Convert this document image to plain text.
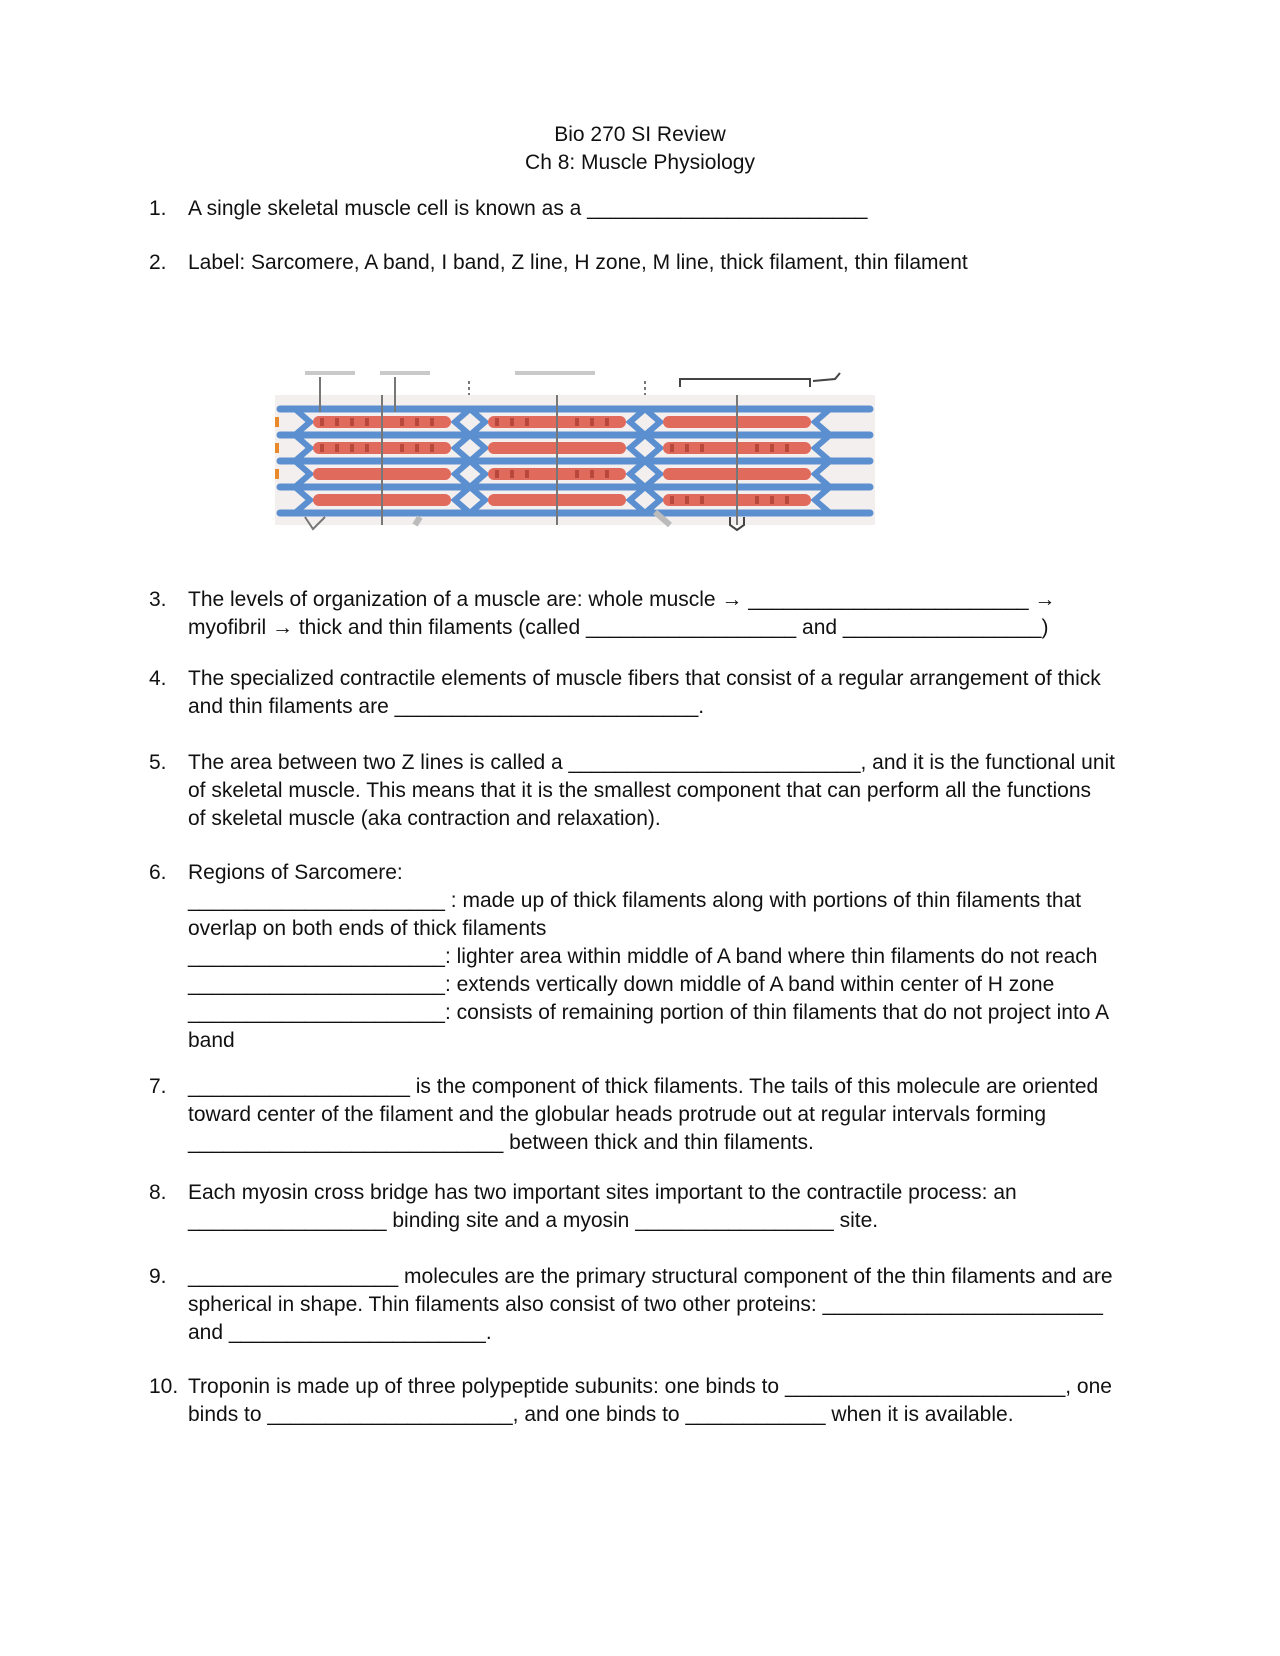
Bio 270 SI Review
Ch 8: Muscle Physiology
1.	A single skeletal muscle cell is known as a ________________________
2.	Label: Sarcomere, A band, I band, Z line, H zone, M line, thick filament, thin filament
3.	The levels of organization of a muscle are: whole muscle → ________________________ →
myofibril → thick and thin filaments (called __________________ and _________________)
4.	The specialized contractile elements of muscle fibers that consist of a regular arrangement of thick
and thin filaments are __________________________.
5.	The area between two Z lines is called a _________________________, and it is the functional unit
of skeletal muscle. This means that it is the smallest component that can perform all the functions
of skeletal muscle (aka contraction and relaxation).
6.	Regions of Sarcomere:
______________________ : made up of thick filaments along with portions of thin filaments that
overlap on both ends of thick filaments
______________________: lighter area within middle of A band where thin filaments do not reach
______________________: extends vertically down middle of A band within center of H zone
______________________: consists of remaining portion of thin filaments that do not project into A
band
7.	___________________ is the component of thick filaments. The tails of this molecule are oriented
toward center of the filament and the globular heads protrude out at regular intervals forming
___________________________ between thick and thin filaments.
8.	Each myosin cross bridge has two important sites important to the contractile process: an
_________________ binding site and a myosin _________________ site.
9.	__________________ molecules are the primary structural component of the thin filaments and are
spherical in shape. Thin filaments also consist of two other proteins: ________________________
and ______________________.
10. Troponin is made up of three polypeptide subunits: one binds to ________________________, one
binds to _____________________, and one binds to ____________ when it is available.
